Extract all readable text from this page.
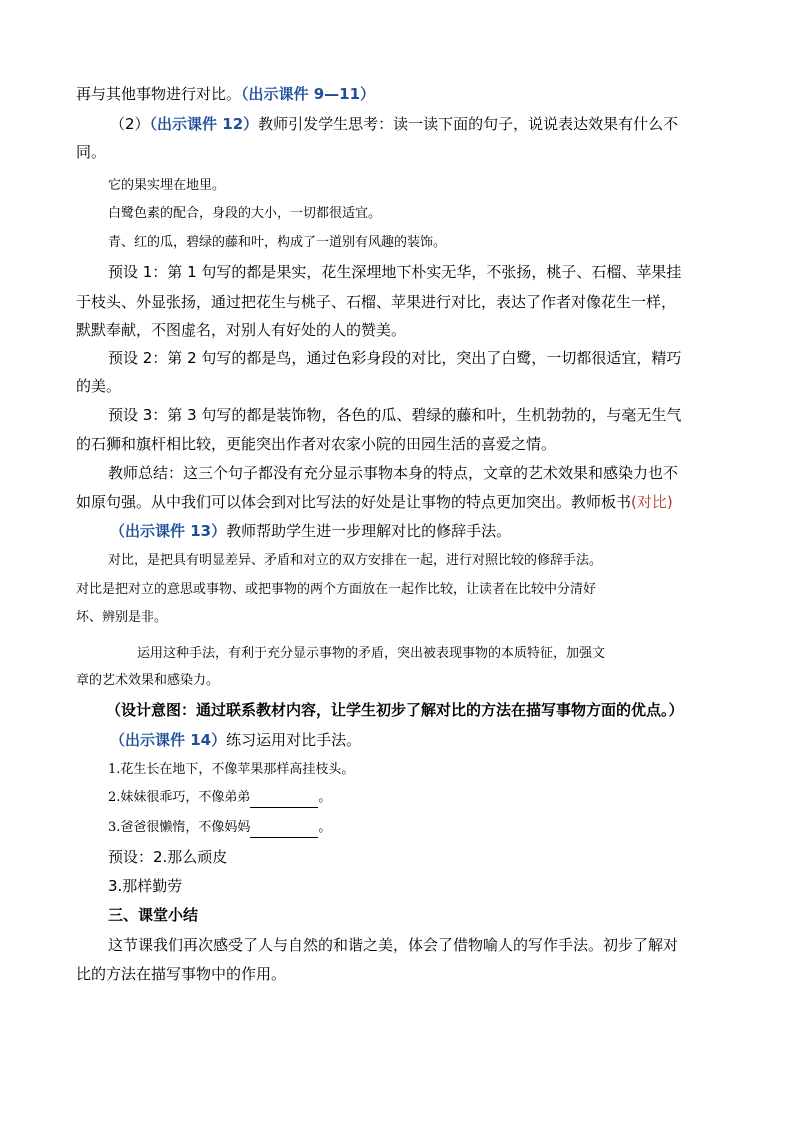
再与其他事物进行对比。（出示课件 9—11）
（2）（出示课件 12）教师引发学生思考：读一读下面的句子，说说表达效果有什么不
同。
它的果实埋在地里。
白鹭色素的配合，身段的大小，一切都很适宜。
青、红的瓜，碧绿的藤和叶，构成了一道别有风趣的装饰。
预设 1：第 1 句写的都是果实，花生深埋地下朴实无华，不张扬，桃子、石榴、苹果挂
于枝头、外显张扬，通过把花生与桃子、石榴、苹果进行对比，表达了作者对像花生一样，
默默奉献，不图虚名，对别人有好处的人的赞美。
预设 2：第 2 句写的都是鸟，通过色彩身段的对比，突出了白鹭，一切都很适宜，精巧
的美。
预设 3：第 3 句写的都是装饰物，各色的瓜、碧绿的藤和叶，生机勃勃的，与毫无生气
的石狮和旗杆相比较，更能突出作者对农家小院的田园生活的喜爱之情。
教师总结：这三个句子都没有充分显示事物本身的特点，文章的艺术效果和感染力也不
如原句强。从中我们可以体会到对比写法的好处是让事物的特点更加突出。教师板书(对比)
（出示课件 13）教师帮助学生进一步理解对比的修辞手法。
对比，是把具有明显差异、矛盾和对立的双方安排在一起，进行对照比较的修辞手法。
对比是把对立的意思或事物、或把事物的两个方面放在一起作比较，让读者在比较中分清好
坏、辨别是非。
运用这种手法，有利于充分显示事物的矛盾，突出被表现事物的本质特征，加强文
章的艺术效果和感染力。
（设计意图：通过联系教材内容，让学生初步了解对比的方法在描写事物方面的优点。）
（出示课件 14）练习运用对比手法。
1.花生长在地下，不像苹果那样高挂枝头。
2.妹妹很乖巧，不像弟弟	。
3.爸爸很懒惰，不像妈妈	。
预设：2.那么顽皮
3.那样勤劳
三、课堂小结
这节课我们再次感受了人与自然的和谐之美，体会了借物喻人的写作手法。初步了解对
比的方法在描写事物中的作用。
